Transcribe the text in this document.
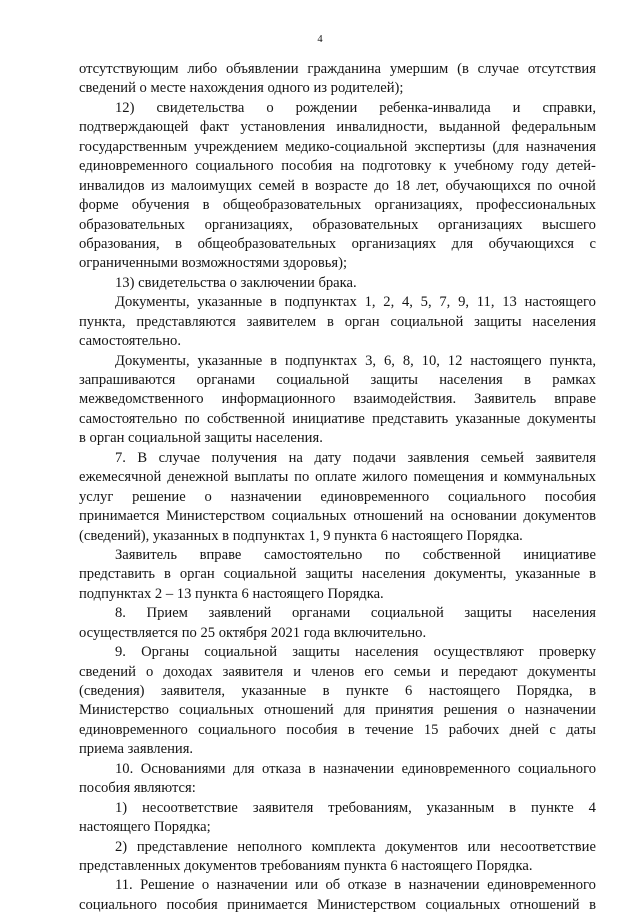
4
отсутствующим либо объявлении гражданина умершим (в случае отсутствия
сведений о месте нахождения одного из родителей);
12) свидетельства о рождении ребенка-инвалида и справки,
подтверждающей факт установления инвалидности, выданной федеральным
государственным учреждением медико-социальной экспертизы (для назначения
единовременного социального пособия на подготовку к учебному году детей-
инвалидов из малоимущих семей в возрасте до 18 лет, обучающихся по очной
форме обучения в общеобразовательных организациях, профессиональных
образовательных организациях, образовательных организациях высшего
образования, в общеобразовательных организациях для обучающихся с
ограниченными возможностями здоровья);
13) свидетельства о заключении брака.
Документы, указанные в подпунктах 1, 2, 4, 5, 7, 9, 11, 13 настоящего
пункта, представляются заявителем в орган социальной защиты населения
самостоятельно.
Документы, указанные в подпунктах 3, 6, 8, 10, 12 настоящего пункта,
запрашиваются органами социальной защиты населения в рамках
межведомственного информационного взаимодействия. Заявитель вправе
самостоятельно по собственной инициативе представить указанные документы
в орган социальной защиты населения.
7. В случае получения на дату подачи заявления семьей заявителя
ежемесячной денежной выплаты по оплате жилого помещения и коммунальных
услуг решение о назначении единовременного социального пособия
принимается Министерством социальных отношений на основании документов
(сведений), указанных в подпунктах 1, 9 пункта 6 настоящего Порядка.
Заявитель вправе самостоятельно по собственной инициативе
представить в орган социальной защиты населения документы, указанные в
подпунктах 2 – 13 пункта 6 настоящего Порядка.
8. Прием заявлений органами социальной защиты населения
осуществляется по 25 октября 2021 года включительно.
9. Органы социальной защиты населения осуществляют проверку
сведений о доходах заявителя и членов его семьи и передают документы
(сведения) заявителя, указанные в пункте 6 настоящего Порядка, в
Министерство социальных отношений для принятия решения о назначении
единовременного социального пособия в течение 15 рабочих дней с даты
приема заявления.
10. Основаниями для отказа в назначении единовременного социального
пособия являются:
1) несоответствие заявителя требованиям, указанным в пункте 4
настоящего Порядка;
2) представление неполного комплекта документов или несоответствие
представленных документов требованиям пункта 6 настоящего Порядка.
11. Решение о назначении или об отказе в назначении единовременного
социального пособия принимается Министерством социальных отношений в
